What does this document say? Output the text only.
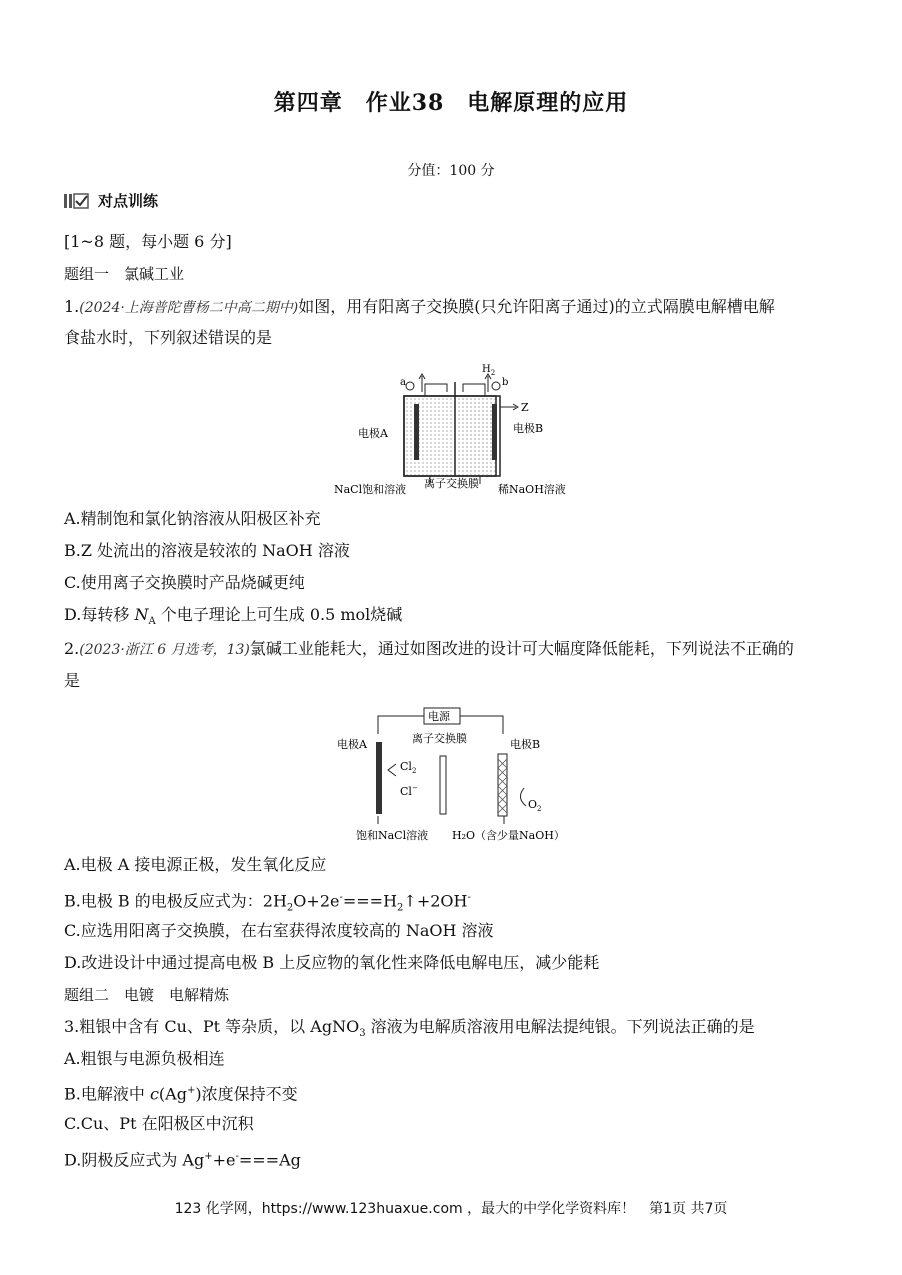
第四章　作业38　电解原理的应用
分值：100 分
对点训练
[1~8 题，每小题 6 分]
题组一　氯碱工业
1.(2024·上海普陀曹杨二中高二期中)如图，用有阳离子交换膜(只允许阳离子通过)的立式隔膜电解槽电解
食盐水时，下列叙述错误的是
a	b
$H_2$
Z
电极A	电极B
NaCl饱和溶液 离子交换膜 稀NaOH溶液
A.精制饱和氯化钠溶液从阳极区补充
B.Z 处流出的溶液是较浓的 NaOH 溶液
C.使用离子交换膜时产品烧碱更纯
D.每转移 $N_A$ 个电子理论上可生成 0.5 mol烧碱
2.(2023·浙江 6 月选考，13)氯碱工业能耗大，通过如图改进的设计可大幅度降低能耗，下列说法不正确的
是
电源
电极A	离子交换膜	电极B
$Cl_2$
Cl−
$O_2$
饱和NaCl溶液 H₂O（含少量NaOH）
A.电极 A 接电源正极，发生氧化反应
B.电极 B 的电极反应式为：$2H_2O+2e^-===H_2↑+2OH^-$
C.应选用阳离子交换膜，在右室获得浓度较高的 NaOH 溶液
D.改进设计中通过提高电极 B 上反应物的氧化性来降低电解电压，减少能耗
题组二　电镀　电解精炼
3.粗银中含有 Cu、Pt 等杂质，以 AgNO$_3$ 溶液为电解质溶液用电解法提纯银。下列说法正确的是
A.粗银与电源负极相连
B.电解液中 c(Ag+)浓度保持不变
C.Cu、Pt 在阳极区中沉积
D.阴极反应式为 Ag++e-===Ag
123 化学网，https://www.123huaxue.com ，最大的中学化学资料库！　第1页 共7页
